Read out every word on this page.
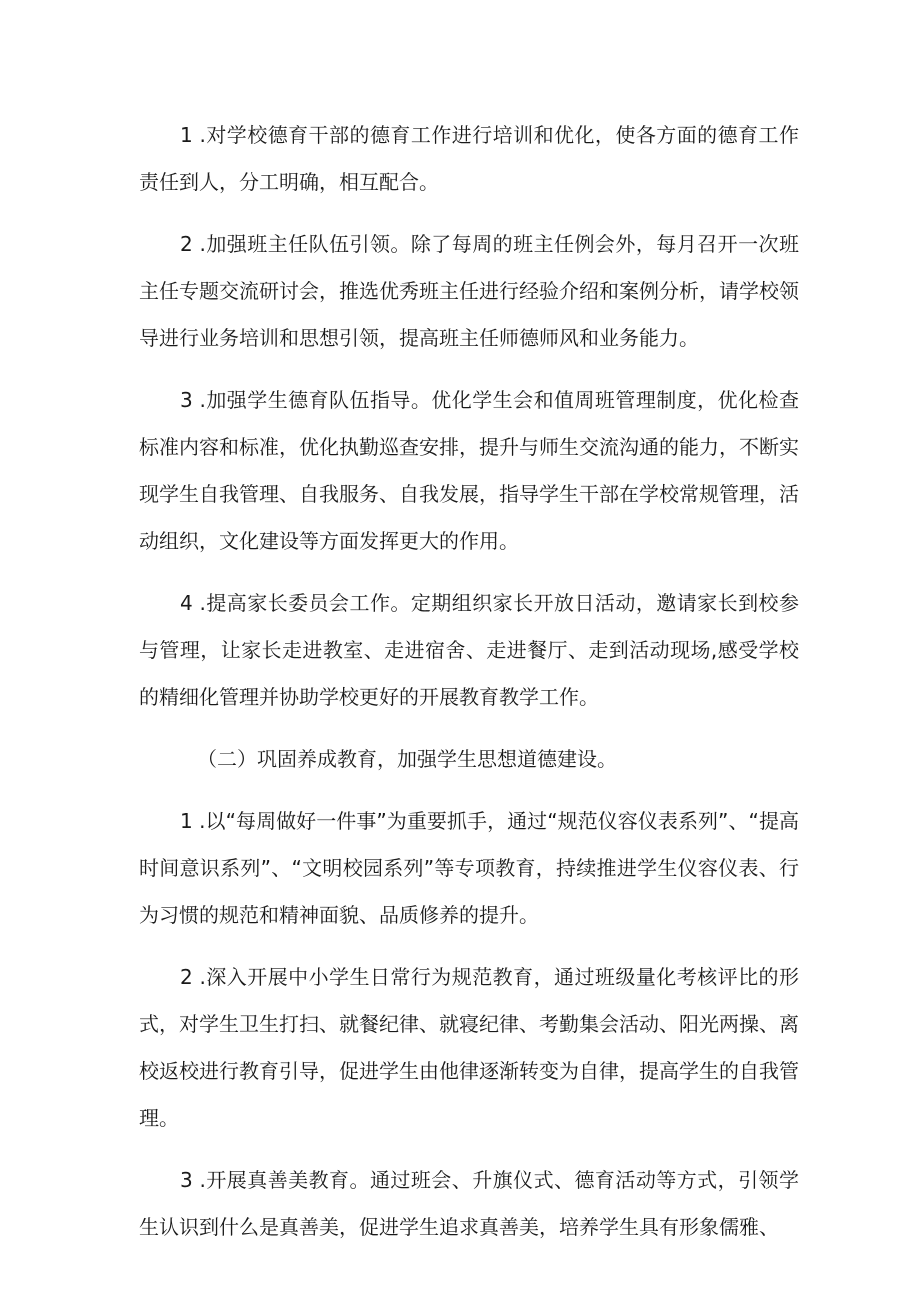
1 .对学校德育干部的德育工作进行培训和优化，使各方面的德育工作责任到人，分工明确，相互配合。

2 .加强班主任队伍引领。除了每周的班主任例会外，每月召开一次班主任专题交流研讨会，推选优秀班主任进行经验介绍和案例分析，请学校领导进行业务培训和思想引领，提高班主任师德师风和业务能力。

3 .加强学生德育队伍指导。优化学生会和值周班管理制度，优化检查标准内容和标准，优化执勤巡查安排，提升与师生交流沟通的能力，不断实现学生自我管理、自我服务、自我发展，指导学生干部在学校常规管理，活动组织，文化建设等方面发挥更大的作用。

4 .提高家长委员会工作。定期组织家长开放日活动，邀请家长到校参与管理，让家长走进教室、走进宿舍、走进餐厅、走到活动现场,感受学校的精细化管理并协助学校更好的开展教育教学工作。

（二）巩固养成教育，加强学生思想道德建设。

1 .以“每周做好一件事”为重要抓手，通过“规范仪容仪表系列”、“提高时间意识系列”、“文明校园系列”等专项教育，持续推进学生仪容仪表、行为习惯的规范和精神面貌、品质修养的提升。

2 .深入开展中小学生日常行为规范教育，通过班级量化考核评比的形式，对学生卫生打扫、就餐纪律、就寝纪律、考勤集会活动、阳光两操、离校返校进行教育引导，促进学生由他律逐渐转变为自律，提高学生的自我管理。

3 .开展真善美教育。通过班会、升旗仪式、德育活动等方式，引领学生认识到什么是真善美，促进学生追求真善美，培养学生具有形象儒雅、
